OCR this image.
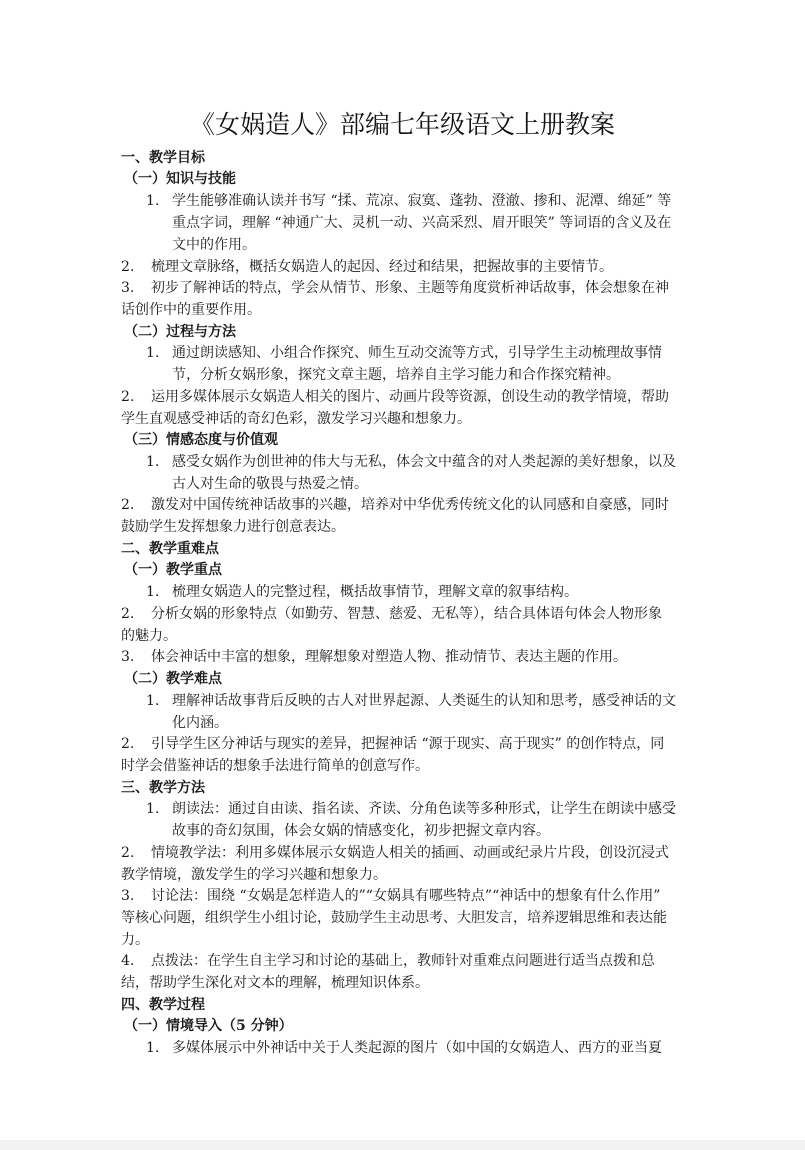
《女娲造人》部编七年级语文上册教案
一、教学目标
（一）知识与技能
1. 学生能够准确认读并书写 “揉、荒凉、寂寞、蓬勃、澄澈、掺和、泥潭、绵延” 等
重点字词，理解 “神通广大、灵机一动、兴高采烈、眉开眼笑” 等词语的含义及在
文中的作用。
2. 梳理文章脉络，概括女娲造人的起因、经过和结果，把握故事的主要情节。
3. 初步了解神话的特点，学会从情节、形象、主题等角度赏析神话故事，体会想象在神
话创作中的重要作用。
（二）过程与方法
1. 通过朗读感知、小组合作探究、师生互动交流等方式，引导学生主动梳理故事情
节，分析女娲形象，探究文章主题，培养自主学习能力和合作探究精神。
2. 运用多媒体展示女娲造人相关的图片、动画片段等资源，创设生动的教学情境，帮助
学生直观感受神话的奇幻色彩，激发学习兴趣和想象力。
（三）情感态度与价值观
1. 感受女娲作为创世神的伟大与无私，体会文中蕴含的对人类起源的美好想象，以及
古人对生命的敬畏与热爱之情。
2. 激发对中国传统神话故事的兴趣，培养对中华优秀传统文化的认同感和自豪感，同时
鼓励学生发挥想象力进行创意表达。
二、教学重难点
（一）教学重点
1. 梳理女娲造人的完整过程，概括故事情节，理解文章的叙事结构。
2. 分析女娲的形象特点（如勤劳、智慧、慈爱、无私等），结合具体语句体会人物形象
的魅力。
3. 体会神话中丰富的想象，理解想象对塑造人物、推动情节、表达主题的作用。
（二）教学难点
1. 理解神话故事背后反映的古人对世界起源、人类诞生的认知和思考，感受神话的文
化内涵。
2. 引导学生区分神话与现实的差异，把握神话 “源于现实、高于现实” 的创作特点，同
时学会借鉴神话的想象手法进行简单的创意写作。
三、教学方法
1. 朗读法：通过自由读、指名读、齐读、分角色读等多种形式，让学生在朗读中感受
故事的奇幻氛围，体会女娲的情感变化，初步把握文章内容。
2. 情境教学法：利用多媒体展示女娲造人相关的插画、动画或纪录片片段，创设沉浸式
教学情境，激发学生的学习兴趣和想象力。
3. 讨论法：围绕 “女娲是怎样造人的”“女娲具有哪些特点”“神话中的想象有什么作用”
等核心问题，组织学生小组讨论，鼓励学生主动思考、大胆发言，培养逻辑思维和表达能
力。
4. 点拨法：在学生自主学习和讨论的基础上，教师针对重难点问题进行适当点拨和总
结，帮助学生深化对文本的理解，梳理知识体系。
四、教学过程
（一）情境导入（5 分钟）
1. 多媒体展示中外神话中关于人类起源的图片（如中国的女娲造人、西方的亚当夏
